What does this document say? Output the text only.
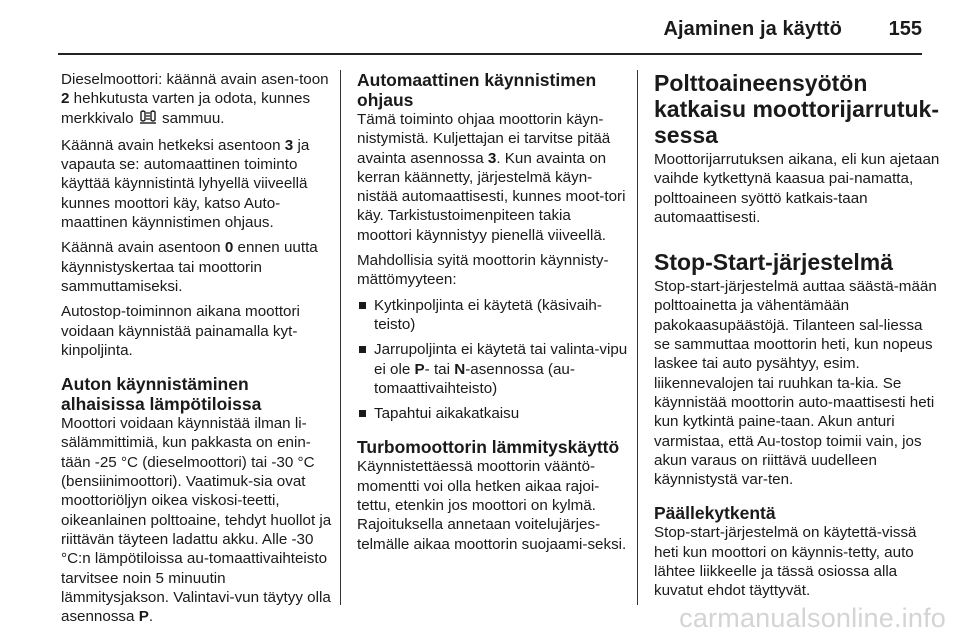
Ajaminen ja käyttö 155

Dieselmoottori: käännä avain asen-toon 2 hehkutusta varten ja odota, kunnes merkkivalo  sammuu.

Käännä avain hetkeksi asentoon 3 ja vapauta se: automaattinen toiminto käyttää käynnistintä lyhyellä viiveellä kunnes moottori käy, katso Auto-maattinen käynnistimen ohjaus.

Käännä avain asentoon 0 ennen uutta käynnistyskertaa tai moottorin sammuttamiseksi.

Autostop-toiminnon aikana moottori voidaan käynnistää painamalla kyt-kinpoljinta.

Auton käynnistäminen alhaisissa lämpötiloissa

Moottori voidaan käynnistää ilman li-sälämmittimiä, kun pakkasta on enin-tään -25 °C (dieselmoottori) tai -30 °C (bensiinimoottori). Vaatimuk-sia ovat moottoriöljyn oikea viskosi-teetti, oikeanlainen polttoaine, tehdyt huollot ja riittävän täyteen ladattu akku. Alle -30 °C:n lämpötiloissa au-tomaattivaihteisto tarvitsee noin 5 minuutin lämmitysjakson. Valintavi-vun täytyy olla asennossa P.

Automaattinen käynnistimen ohjaus

Tämä toiminto ohjaa moottorin käyn-nistymistä. Kuljettajan ei tarvitse pitää avainta asennossa 3. Kun avainta on kerran käännetty, järjestelmä käyn-nistää automaattisesti, kunnes moot-tori käy. Tarkistustoimenpiteen takia moottori käynnistyy pienellä viiveellä.

Mahdollisia syitä moottorin käynnisty-mättömyyteen:

Kytkinpoljinta ei käytetä (käsivaih-teisto)
Jarrupoljinta ei käytetä tai valinta-vipu ei ole P- tai N-asennossa (au-tomaattivaihteisto)
Tapahtui aikakatkaisu
Turbomoottorin lämmityskäyttö

Käynnistettäessä moottorin vääntö-momentti voi olla hetken aikaa rajoi-tettu, etenkin jos moottori on kylmä. Rajoituksella annetaan voitelujärjes-telmälle aikaa moottorin suojaami-seksi.

Polttoaineensyötön katkaisu moottorijarrutuk-sessa

Moottorijarrutuksen aikana, eli kun ajetaan vaihde kytkettynä kaasua pai-namatta, polttoaineen syöttö katkais-taan automaattisesti.

Stop-Start-järjestelmä

Stop-start-järjestelmä auttaa säästä-mään polttoainetta ja vähentämään pakokaasupäästöjä. Tilanteen sal-liessa se sammuttaa moottorin heti, kun nopeus laskee tai auto pysähtyy, esim. liikennevalojen tai ruuhkan ta-kia. Se käynnistää moottorin auto-maattisesti heti kun kytkintä paine-taan. Akun anturi varmistaa, että Au-tostop toimii vain, jos akun varaus on riittävä uudelleen käynnistystä var-ten.

Päällekytkentä

Stop-start-järjestelmä on käytettä-vissä heti kun moottori on käynnis-tetty, auto lähtee liikkeelle ja tässä osiossa alla kuvatut ehdot täyttyvät.

carmanualsonline.info
